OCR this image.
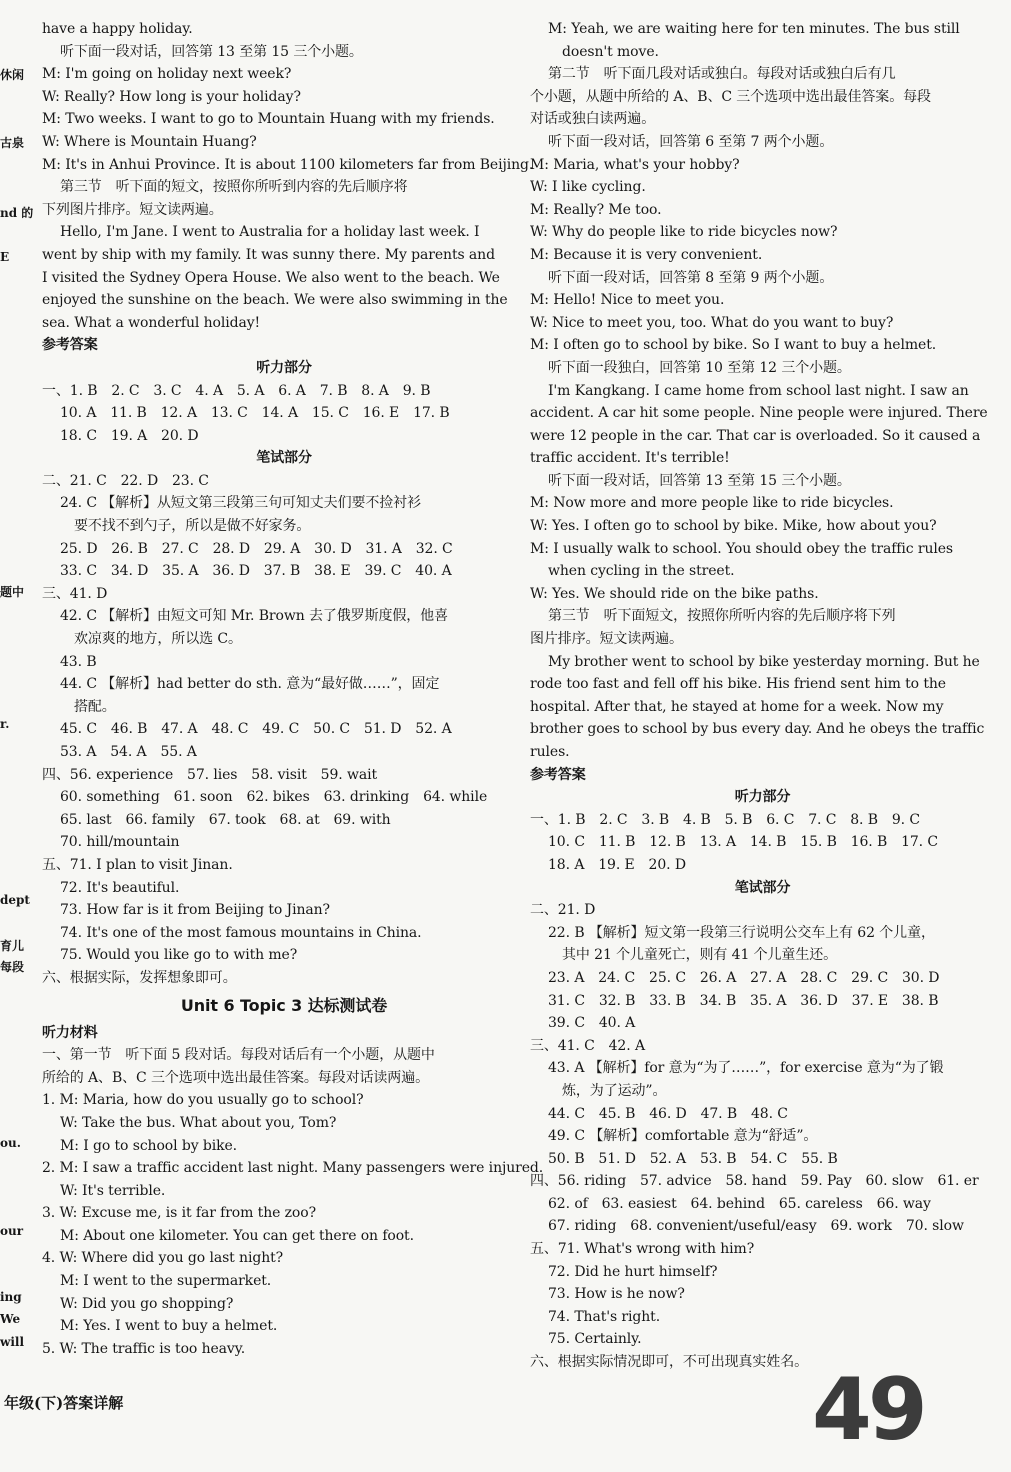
休闲
古泉
nd 的
E
题中
r.
dept
育儿
每段
ou.
our
ing
We
will
have a happy holiday.
听下面一段对话，回答第 13 至第 15 三个小题。
M: I'm going on holiday next week?
W: Really? How long is your holiday?
M: Two weeks. I want to go to Mountain Huang with my friends.
W: Where is Mountain Huang?
M: It's in Anhui Province. It is about 1100 kilometers far from Beijing.
第三节　听下面的短文，按照你所听到内容的先后顺序将
下列图片排序。短文读两遍。
Hello, I'm Jane. I went to Australia for a holiday last week. I
went by ship with my family. It was sunny there. My parents and
I visited the Sydney Opera House. We also went to the beach. We
enjoyed the sunshine on the beach. We were also swimming in the
sea. What a wonderful holiday!
参考答案
听力部分
一、1. B　2. C　3. C　4. A　5. A　6. A　7. B　8. A　9. B
10. A　11. B　12. A　13. C　14. A　15. C　16. E　17. B
18. C　19. A　20. D
笔试部分
二、21. C　22. D　23. C
24. C 【解析】从短文第三段第三句可知丈夫们要不捡衬衫
要不找不到勺子，所以是做不好家务。
25. D　26. B　27. C　28. D　29. A　30. D　31. A　32. C
33. C　34. D　35. A　36. D　37. B　38. E　39. C　40. A
三、41. D
42. C 【解析】由短文可知 Mr. Brown 去了俄罗斯度假，他喜
欢凉爽的地方，所以选 C。
43. B
44. C 【解析】had better do sth. 意为“最好做……”，固定
搭配。
45. C　46. B　47. A　48. C　49. C　50. C　51. D　52. A
53. A　54. A　55. A
四、56. experience　57. lies　58. visit　59. wait
60. something　61. soon　62. bikes　63. drinking　64. while
65. last　66. family　67. took　68. at　69. with
70. hill/mountain
五、71. I plan to visit Jinan.
72. It's beautiful.
73. How far is it from Beijing to Jinan?
74. It's one of the most famous mountains in China.
75. Would you like go to with me?
六、根据实际，发挥想象即可。
Unit 6 Topic 3 达标测试卷
听力材料
一、第一节　听下面 5 段对话。每段对话后有一个小题，从题中
所给的 A、B、C 三个选项中选出最佳答案。每段对话读两遍。
1. M: Maria, how do you usually go to school?
W: Take the bus. What about you, Tom?
M: I go to school by bike.
2. M: I saw a traffic accident last night. Many passengers were injured.
W: It's terrible.
3. W: Excuse me, is it far from the zoo?
M: About one kilometer. You can get there on foot.
4. W: Where did you go last night?
M: I went to the supermarket.
W: Did you go shopping?
M: Yes. I went to buy a helmet.
5. W: The traffic is too heavy.
M: Yeah, we are waiting here for ten minutes. The bus still
doesn't move.
第二节　听下面几段对话或独白。每段对话或独白后有几
个小题，从题中所给的 A、B、C 三个选项中选出最佳答案。每段
对话或独白读两遍。
听下面一段对话，回答第 6 至第 7 两个小题。
M: Maria, what's your hobby?
W: I like cycling.
M: Really? Me too.
W: Why do people like to ride bicycles now?
M: Because it is very convenient.
听下面一段对话，回答第 8 至第 9 两个小题。
M: Hello! Nice to meet you.
W: Nice to meet you, too. What do you want to buy?
M: I often go to school by bike. So I want to buy a helmet.
听下面一段独白，回答第 10 至第 12 三个小题。
I'm Kangkang. I came home from school last night. I saw an
accident. A car hit some people. Nine people were injured. There
were 12 people in the car. That car is overloaded. So it caused a
traffic accident. It's terrible!
听下面一段对话，回答第 13 至第 15 三个小题。
M: Now more and more people like to ride bicycles.
W: Yes. I often go to school by bike. Mike, how about you?
M: I usually walk to school. You should obey the traffic rules
when cycling in the street.
W: Yes. We should ride on the bike paths.
第三节　听下面短文，按照你所听内容的先后顺序将下列
图片排序。短文读两遍。
My brother went to school by bike yesterday morning. But he
rode too fast and fell off his bike. His friend sent him to the
hospital. After that, he stayed at home for a week. Now my
brother goes to school by bus every day. And he obeys the traffic
rules.
参考答案
听力部分
一、1. B　2. C　3. B　4. B　5. B　6. C　7. C　8. B　9. C
10. C　11. B　12. B　13. A　14. B　15. B　16. B　17. C
18. A　19. E　20. D
笔试部分
二、21. D
22. B 【解析】短文第一段第三行说明公交车上有 62 个儿童，
其中 21 个儿童死亡，则有 41 个儿童生还。
23. A　24. C　25. C　26. A　27. A　28. C　29. C　30. D
31. C　32. B　33. B　34. B　35. A　36. D　37. E　38. B
39. C　40. A
三、41. C　42. A
43. A 【解析】for 意为“为了……”，for exercise 意为“为了锻
炼，为了运动”。
44. C　45. B　46. D　47. B　48. C
49. C 【解析】comfortable 意为“舒适”。
50. B　51. D　52. A　53. B　54. C　55. B
四、56. riding　57. advice　58. hand　59. Pay　60. slow　61. er
62. of　63. easiest　64. behind　65. careless　66. way
67. riding　68. convenient/useful/easy　69. work　70. slow
五、71. What's wrong with him?
72. Did he hurt himself?
73. How is he now?
74. That's right.
75. Certainly.
六、根据实际情况即可，不可出现真实姓名。
年级(下)答案详解	49
